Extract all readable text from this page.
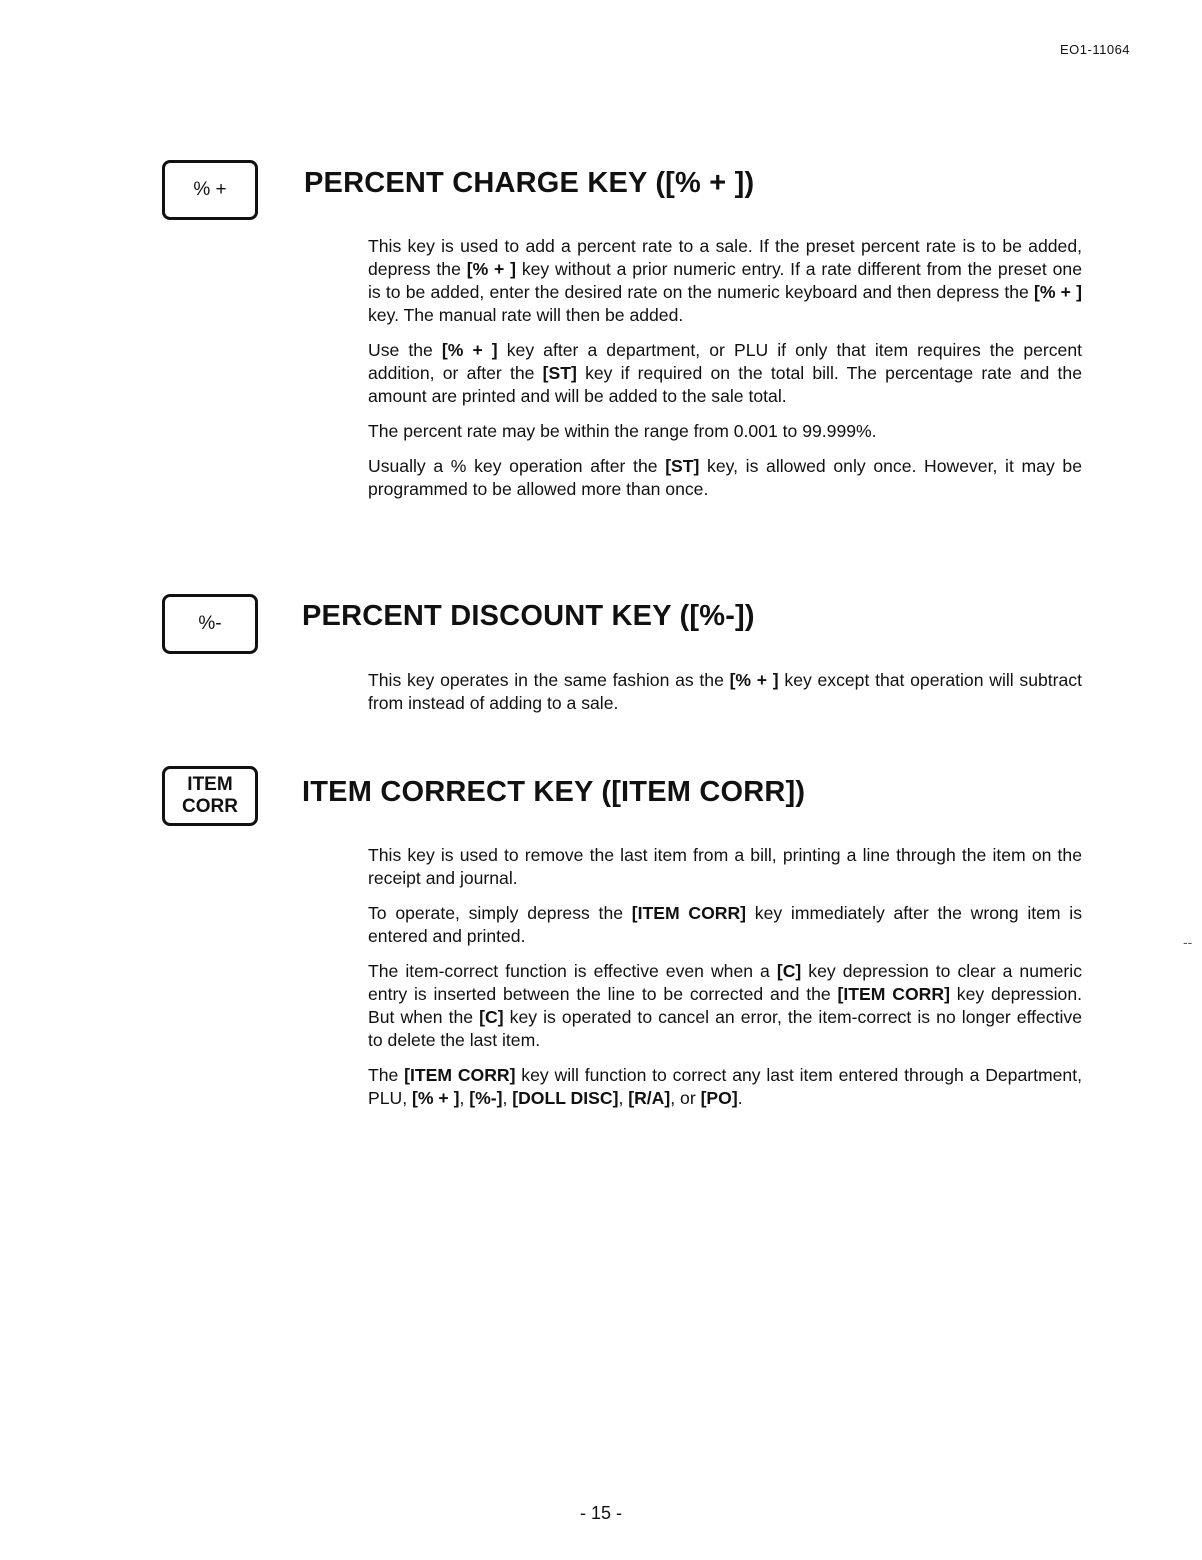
EO1-11064
% +	PERCENT CHARGE KEY ([% + ])

This key is used to add a percent rate to a sale. If the preset percent rate is to be added, depress the [% + ] key without a prior numeric entry. If a rate different from the preset one is to be added, enter the desired rate on the numeric keyboard and then depress the [% + ] key. The manual rate will then be added.

Use the [% + ] key after a department, or PLU if only that item requires the percent addition, or after the [ST] key if required on the total bill. The percentage rate and the amount are printed and will be added to the sale total.

The percent rate may be within the range from 0.001 to 99.999%.

Usually a % key operation after the [ST] key, is allowed only once. However, it may be programmed to be allowed more than once.

%-	PERCENT DISCOUNT KEY ([%-])

This key operates in the same fashion as the [% + ] key except that operation will subtract from instead of adding to a sale.

ITEM
CORR ITEM CORRECT KEY ([ITEM CORR])

This key is used to remove the last item from a bill, printing a line through the item on the receipt and journal.

To operate, simply depress the [ITEM CORR] key immediately after the wrong item is entered and printed.

The item-correct function is effective even when a [C] key depression to clear a numeric entry is inserted between the line to be corrected and the [ITEM CORR] key depression. But when the [C] key is operated to cancel an error, the item-correct is no longer effective to delete the last item.

The [ITEM CORR] key will function to correct any last item entered through a Department, PLU, [% + ], [%-], [DOLL DISC], [R/A], or [PO].

--
- 15 -
